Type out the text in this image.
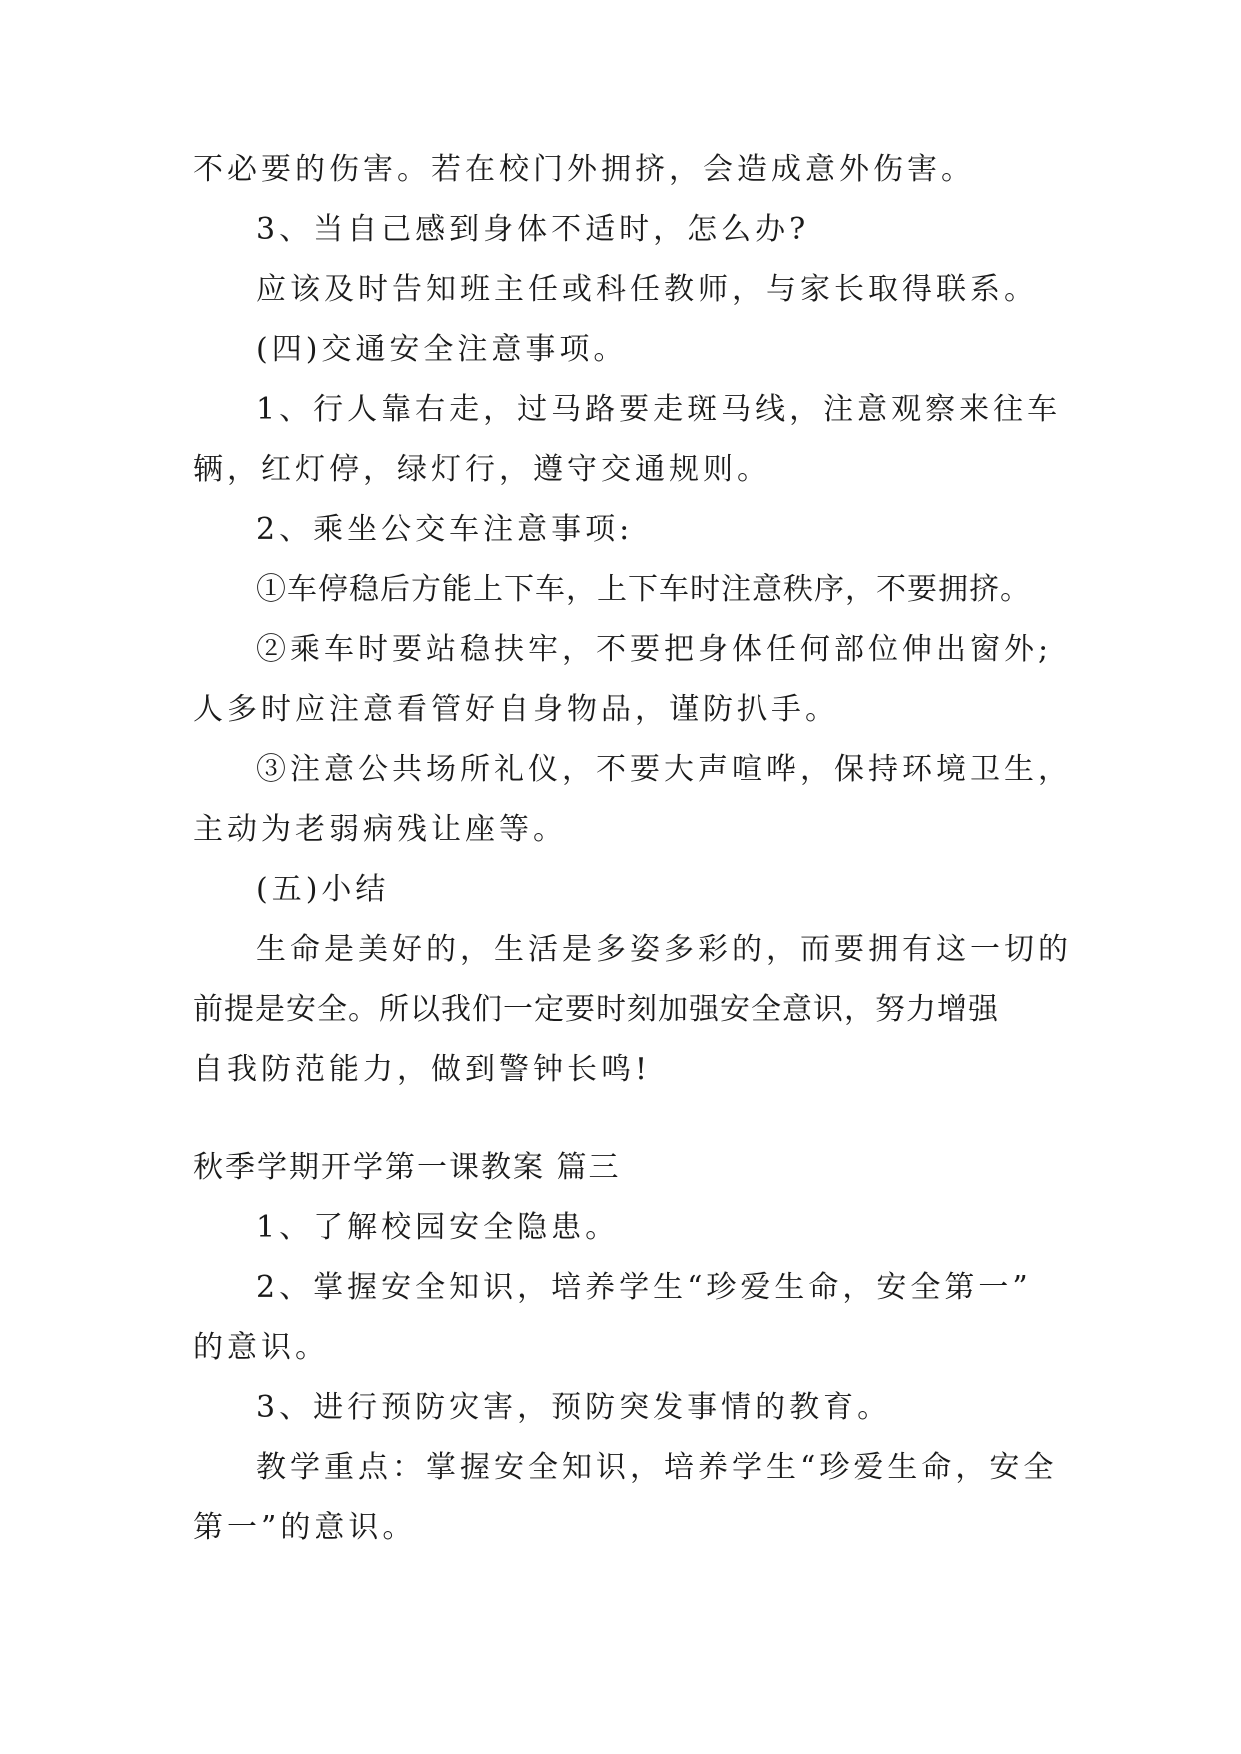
不必要的伤害。若在校门外拥挤，会造成意外伤害。
3、当自己感到身体不适时，怎么办?
应该及时告知班主任或科任教师，与家长取得联系。
(四)交通安全注意事项。
1、行人靠右走，过马路要走斑马线，注意观察来往车
辆，红灯停，绿灯行，遵守交通规则。
2、乘坐公交车注意事项:
①车停稳后方能上下车，上下车时注意秩序，不要拥挤。
②乘车时要站稳扶牢，不要把身体任何部位伸出窗外;
人多时应注意看管好自身物品，谨防扒手。
③注意公共场所礼仪，不要大声喧哗，保持环境卫生，
主动为老弱病残让座等。
(五)小结
生命是美好的，生活是多姿多彩的，而要拥有这一切的
前提是安全。所以我们一定要时刻加强安全意识，努力增强
自我防范能力，做到警钟长鸣!
秋季学期开学第一课教案 篇三
1、了解校园安全隐患。
2、掌握安全知识，培养学生“珍爱生命，安全第一”
的意识。
3、进行预防灾害，预防突发事情的教育。
教学重点：掌握安全知识，培养学生“珍爱生命，安全
第一”的意识。
